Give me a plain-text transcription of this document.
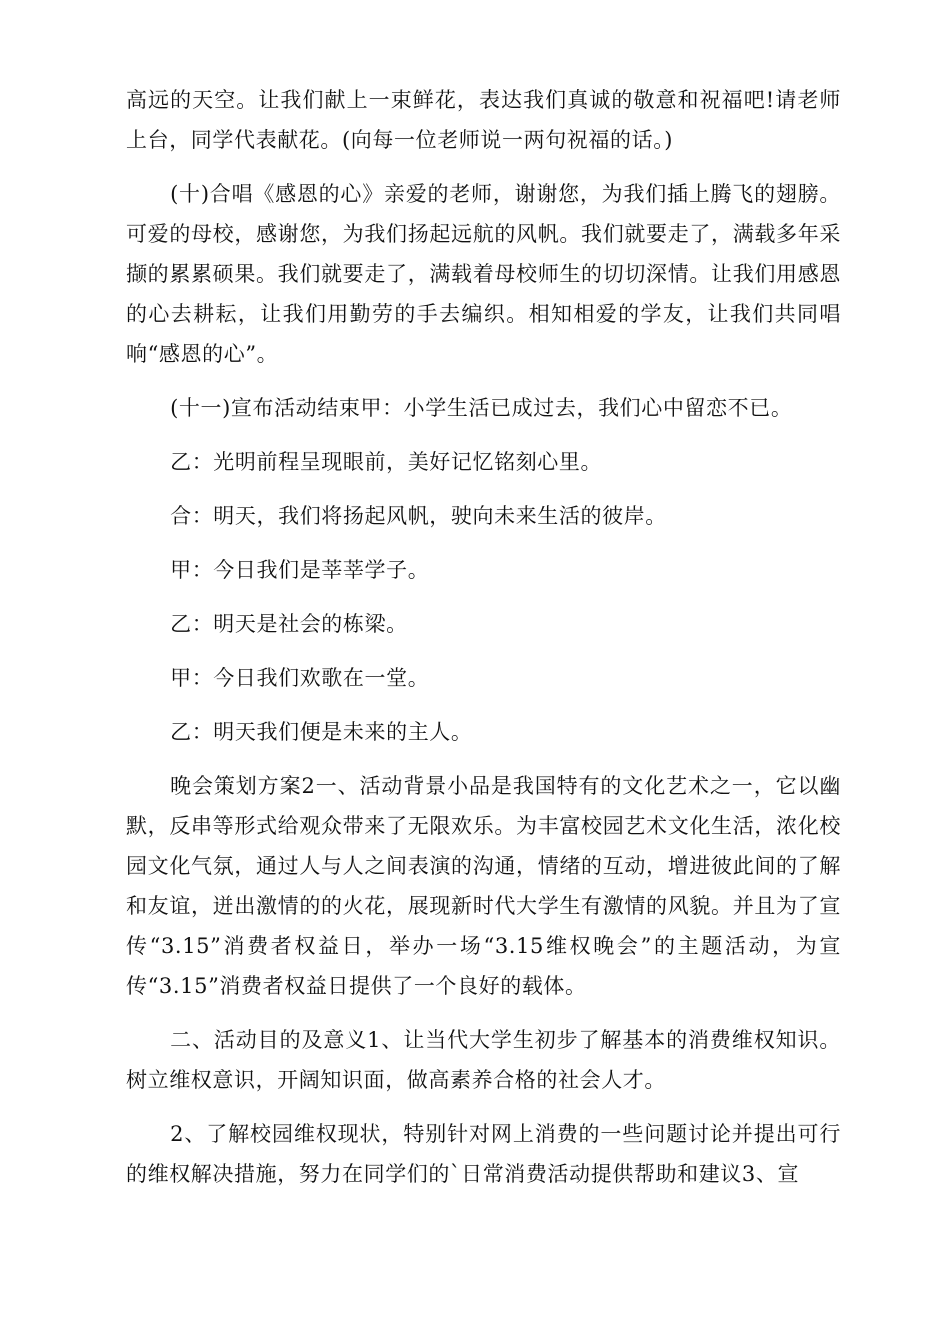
高远的天空。让我们献上一束鲜花，表达我们真诚的敬意和祝福吧!请老师上台，同学代表献花。(向每一位老师说一两句祝福的话。)

(十)合唱《感恩的心》亲爱的老师，谢谢您，为我们插上腾飞的翅膀。可爱的母校，感谢您，为我们扬起远航的风帆。我们就要走了，满载多年采撷的累累硕果。我们就要走了，满载着母校师生的切切深情。让我们用感恩的心去耕耘，让我们用勤劳的手去编织。相知相爱的学友，让我们共同唱响“感恩的心”。

(十一)宣布活动结束甲：小学生活已成过去，我们心中留恋不已。

乙：光明前程呈现眼前，美好记忆铭刻心里。

合：明天，我们将扬起风帆，驶向未来生活的彼岸。

甲：今日我们是莘莘学子。

乙：明天是社会的栋梁。

甲：今日我们欢歌在一堂。

乙：明天我们便是未来的主人。

晚会策划方案2一、活动背景小品是我国特有的文化艺术之一，它以幽默，反串等形式给观众带来了无限欢乐。为丰富校园艺术文化生活，浓化校园文化气氛，通过人与人之间表演的沟通，情绪的互动，增进彼此间的了解和友谊，迸出激情的的火花，展现新时代大学生有激情的风貌。并且为了宣传“3.15”消费者权益日，举办一场“3.15维权晚会”的主题活动，为宣传“3.15”消费者权益日提供了一个良好的载体。

二、活动目的及意义1、让当代大学生初步了解基本的消费维权知识。树立维权意识，开阔知识面，做高素养合格的社会人才。

2、了解校园维权现状，特别针对网上消费的一些问题讨论并提出可行的维权解决措施，努力在同学们的`日常消费活动提供帮助和建议3、宣
